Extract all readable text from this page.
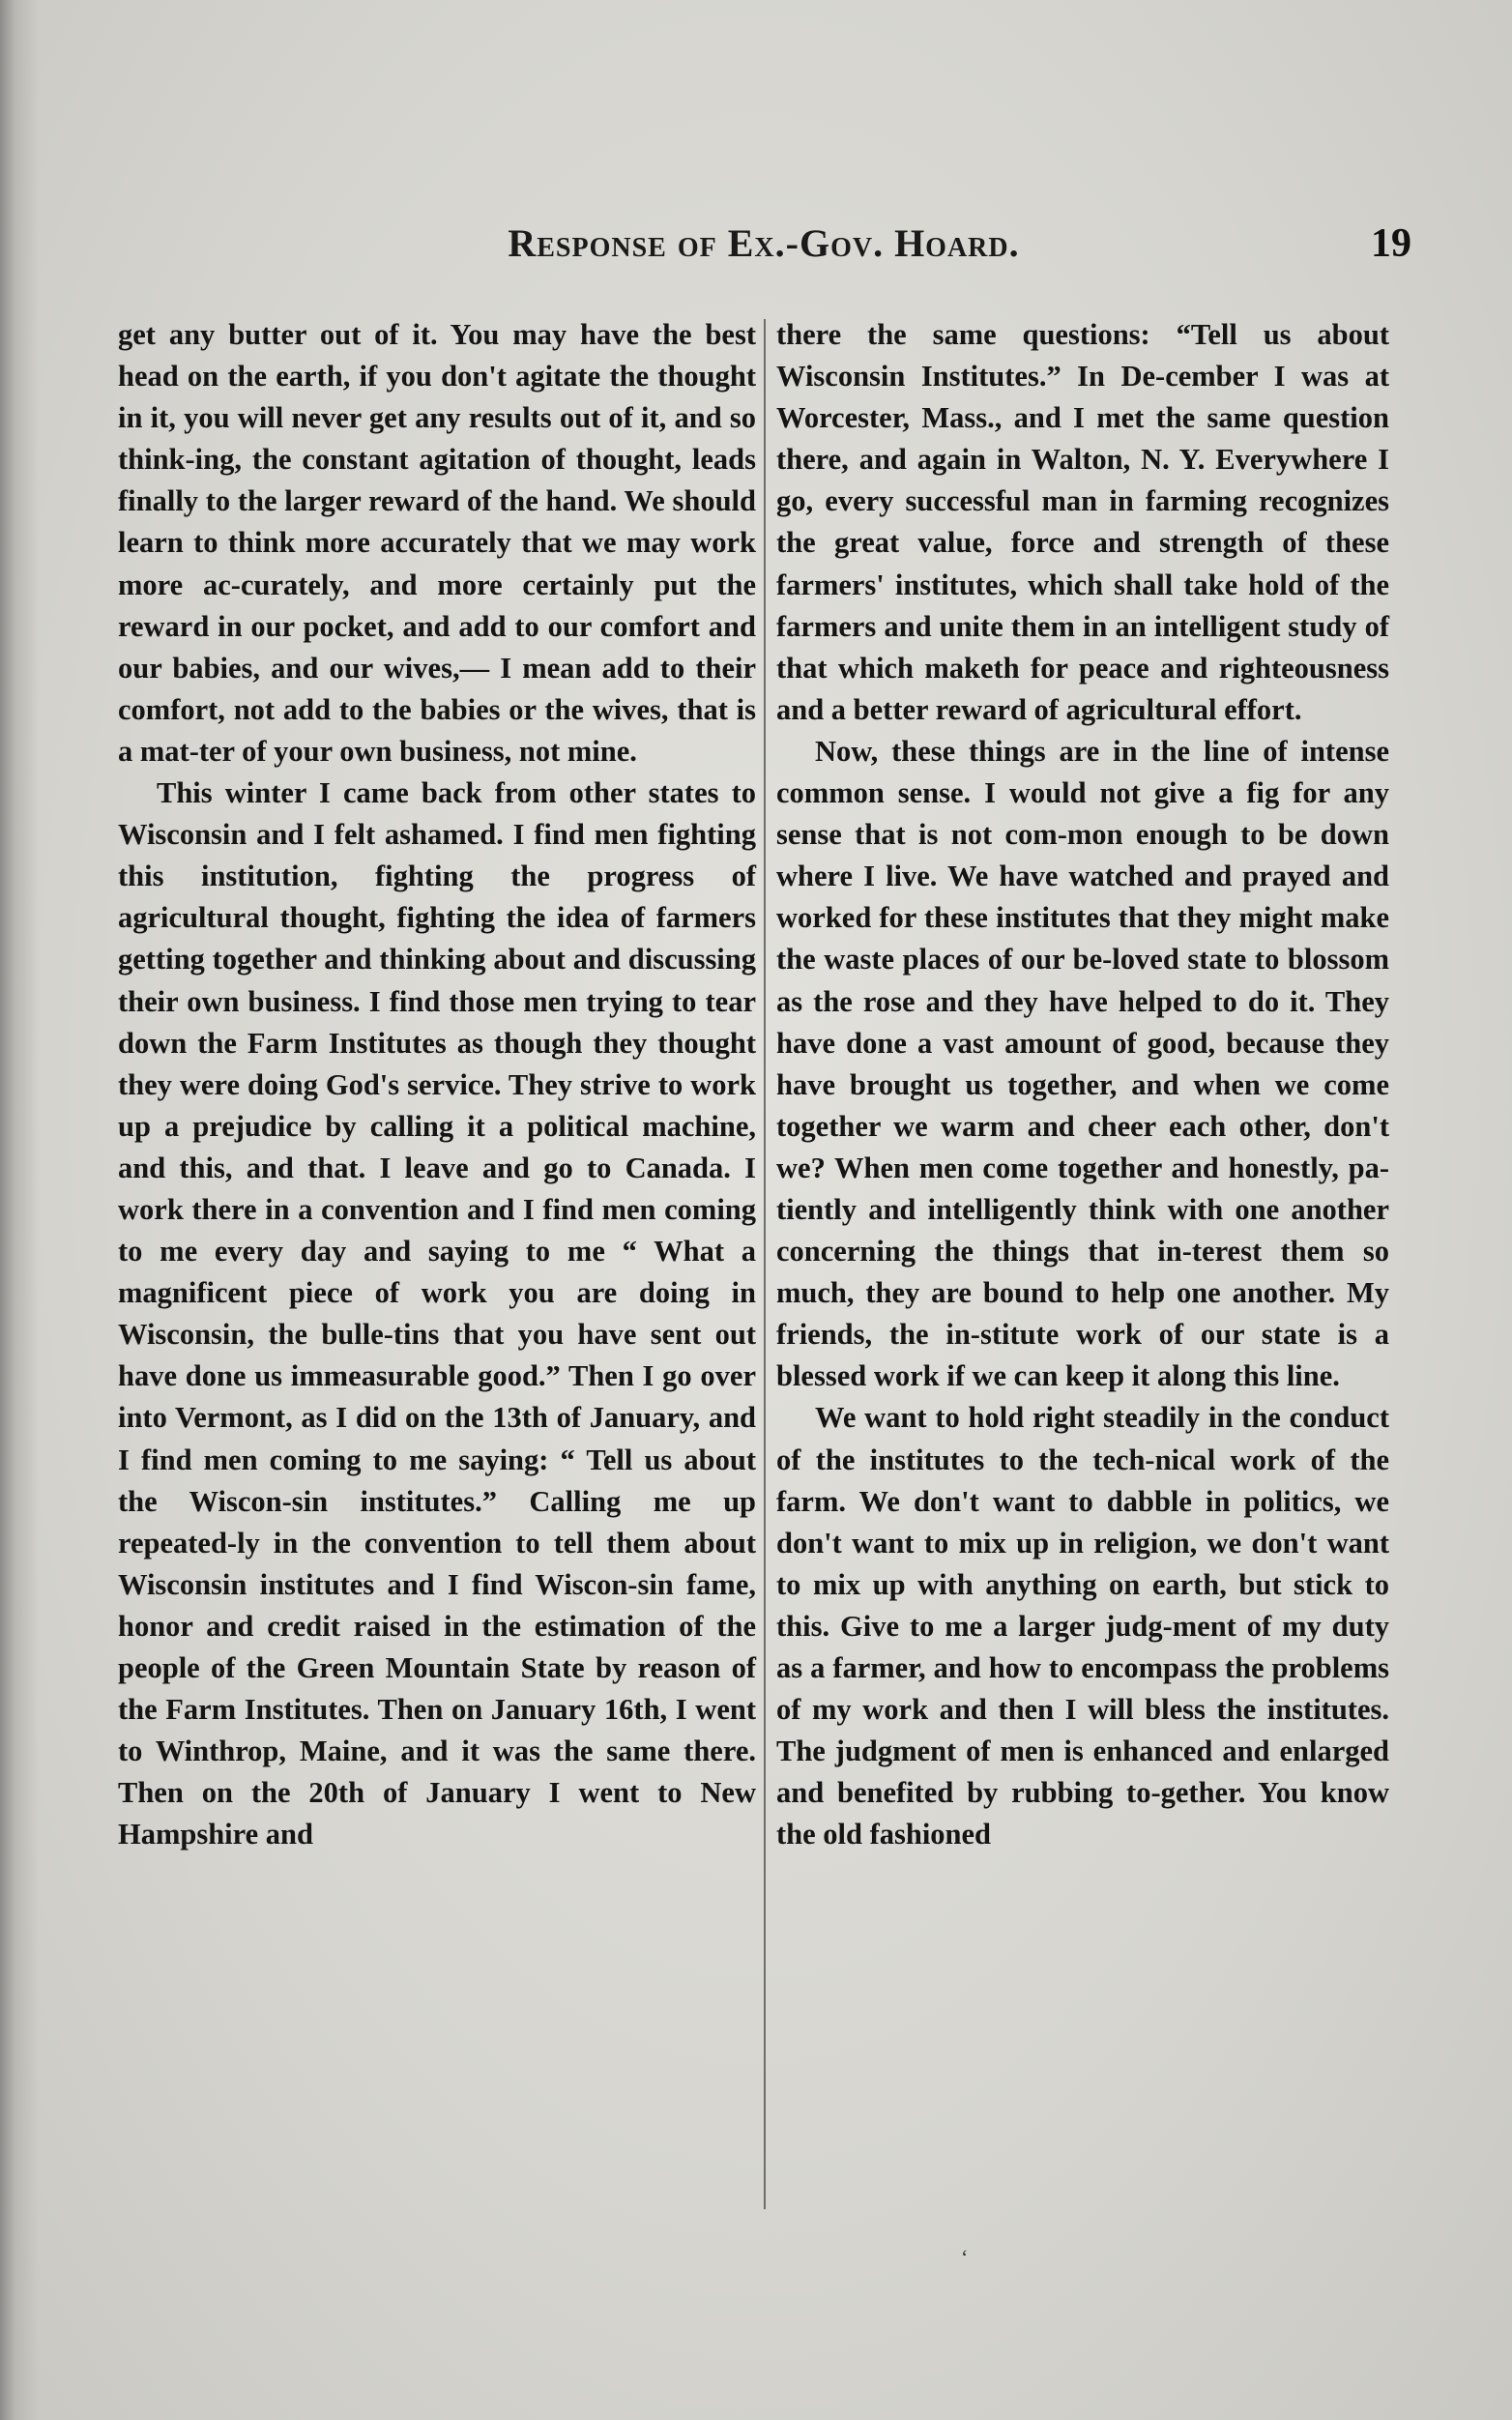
Response of Ex.-Gov. Hoard.	19

get any butter out of it. You may have the best head on the earth, if you don't agitate the thought in it, you will never get any results out of it, and so think-ing, the constant agitation of thought, leads finally to the larger reward of the hand. We should learn to think more accurately that we may work more ac-curately, and more certainly put the reward in our pocket, and add to our comfort and our babies, and our wives,— I mean add to their comfort, not add to the babies or the wives, that is a mat-ter of your own business, not mine.

This winter I came back from other states to Wisconsin and I felt ashamed. I find men fighting this institution, fighting the progress of agricultural thought, fighting the idea of farmers getting together and thinking about and discussing their own business. I find those men trying to tear down the Farm Institutes as though they thought they were doing God's service. They strive to work up a prejudice by calling it a political machine, and this, and that. I leave and go to Canada. I work there in a convention and I find men coming to me every day and saying to me “ What a magnificent piece of work you are doing in Wisconsin, the bulle-tins that you have sent out have done us immeasurable good.” Then I go over into Vermont, as I did on the 13th of January, and I find men coming to me saying: “ Tell us about the Wiscon-sin institutes.” Calling me up repeated-ly in the convention to tell them about Wisconsin institutes and I find Wiscon-sin fame, honor and credit raised in the estimation of the people of the Green Mountain State by reason of the Farm Institutes. Then on January 16th, I went to Winthrop, Maine, and it was the same there. Then on the 20th of January I went to New Hampshire and

there the same questions: “Tell us about Wisconsin Institutes.” In De-cember I was at Worcester, Mass., and I met the same question there, and again in Walton, N. Y. Everywhere I go, every successful man in farming recognizes the great value, force and strength of these farmers' institutes, which shall take hold of the farmers and unite them in an intelligent study of that which maketh for peace and righteousness and a better reward of agricultural effort.

Now, these things are in the line of intense common sense. I would not give a fig for any sense that is not com-mon enough to be down where I live. We have watched and prayed and worked for these institutes that they might make the waste places of our be-loved state to blossom as the rose and they have helped to do it. They have done a vast amount of good, because they have brought us together, and when we come together we warm and cheer each other, don't we? When men come together and honestly, pa-tiently and intelligently think with one another concerning the things that in-terest them so much, they are bound to help one another. My friends, the in-stitute work of our state is a blessed work if we can keep it along this line.

We want to hold right steadily in the conduct of the institutes to the tech-nical work of the farm. We don't want to dabble in politics, we don't want to mix up in religion, we don't want to mix up with anything on earth, but stick to this. Give to me a larger judg-ment of my duty as a farmer, and how to encompass the problems of my work and then I will bless the institutes. The judgment of men is enhanced and enlarged and benefited by rubbing to-gether. You know the old fashioned

‘
